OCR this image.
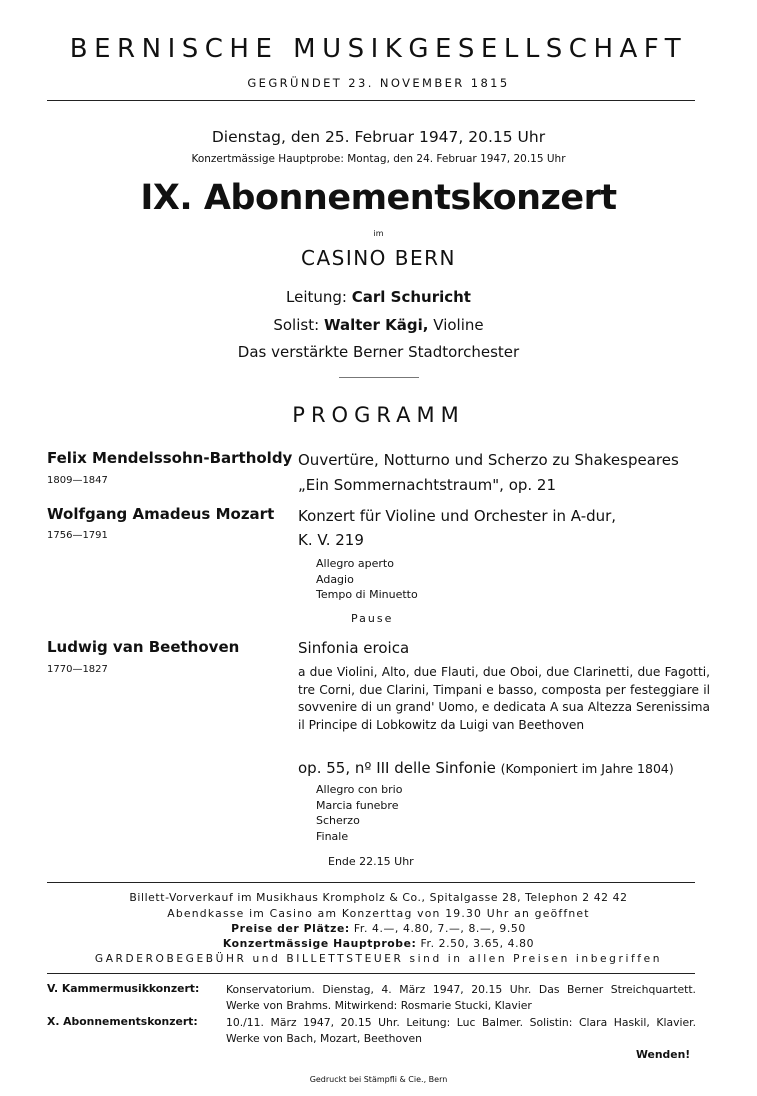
BERNISCHE MUSIKGESELLSCHAFT
GEGRÜNDET 23. NOVEMBER 1815
Dienstag, den 25. Februar 1947, 20.15 Uhr
Konzertmässige Hauptprobe: Montag, den 24. Februar 1947, 20.15 Uhr
IX. Abonnementskonzert
im
CASINO BERN
Leitung: Carl Schuricht
Solist: Walter Kägi, Violine
Das verstärkte Berner Stadtorchester
PROGRAMM
Felix Mendelssohn-Bartholdy
1809—1847
Ouvertüre, Notturno und Scherzo zu Shakespeares
„Ein Sommernachtstraum", op. 21
Wolfgang Amadeus Mozart
1756—1791
Konzert für Violine und Orchester in A-dur,
K. V. 219
Allegro aperto
Adagio
Tempo di Minuetto
Pause
Ludwig van Beethoven
1770—1827
Sinfonia eroica
a due Violini, Alto, due Flauti, due Oboi, due Clarinetti, due Fagotti, tre Corni, due Clarini, Timpani e basso, composta per festeggiare il sovvenire di un grand' Uomo, e dedicata A sua Altezza Serenissima il Principe di Lobkowitz da Luigi van Beethoven
op. 55, nº III delle Sinfonie (Komponiert im Jahre 1804)
Allegro con brio
Marcia funebre
Scherzo
Finale
Ende 22.15 Uhr
Billett-Vorverkauf im Musikhaus Krompholz & Co., Spitalgasse 28, Telephon 2 42 42
Abendkasse im Casino am Konzerttag von 19.30 Uhr an geöffnet
Preise der Plätze: Fr. 4.—, 4.80, 7.—, 8.—, 9.50
Konzertmässige Hauptprobe: Fr. 2.50, 3.65, 4.80
GARDEROBEGEBÜHR und BILLETTSTEUER sind in allen Preisen inbegriffen
V. Kammermusikkonzert: Konservatorium. Dienstag, 4. März 1947, 20.15 Uhr. Das Berner Streichquartett. Werke von Brahms. Mitwirkend: Rosmarie Stucki, Klavier
X. Abonnementskonzert:	10./11. März 1947, 20.15 Uhr. Leitung: Luc Balmer. Solistin: Clara Haskil, Klavier. Werke von Bach, Mozart, Beethoven
Wenden!
Gedruckt bei Stämpfli & Cie., Bern
